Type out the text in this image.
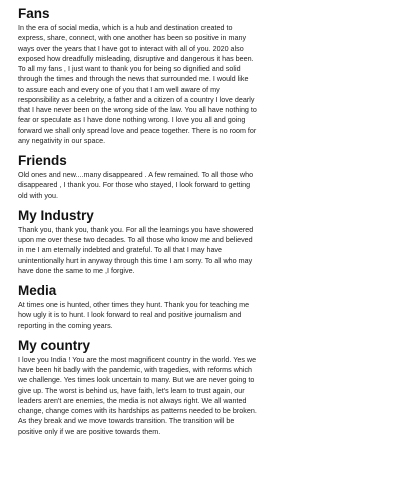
Fans
In the era of social media, which is a hub and destination created to
express, share, connect, with one another has been so positive in many
ways over the years that I have got to interact with all of you. 2020 also
exposed how dreadfully misleading, disruptive and dangerous it has been.
To all my fans , I just want to thank you for being so dignified and solid
through the times and through the news that surrounded me. I would like
to assure each and every one of you that I am well aware of my
responsibility as a celebrity, a father and a citizen of a country I love dearly
that I have never been on the wrong side of the law. You all have nothing to
fear or speculate as I have done nothing wrong. I love you all and going
forward we shall only spread love and peace together. There is no room for
any negativity in our space.
Friends
Old ones and new....many disappeared . A few remained. To all those who
disappeared , I thank you. For those who stayed, I look forward to getting
old with you.
My Industry
Thank you, thank you, thank you. For all the learnings you have showered
upon me over these two decades. To all those who know me and believed
in me I am eternally indebted and grateful. To all that I may have
unintentionally hurt in anyway through this time I am sorry. To all who may
have done the same to me ,I forgive.
Media
At times one is hunted, other times they hunt. Thank you for teaching me
how ugly it is to hunt. I look forward to real and positive journalism and
reporting in the coming years.
My country
I love you India ! You are the most magnificent country in the world. Yes we
have been hit badly with the pandemic, with tragedies, with reforms which
we challenge. Yes times look uncertain to many. But we are never going to
give up. The worst is behind us, have faith, let's learn to trust again, our
leaders aren't are enemies, the media is not always right. We all wanted
change, change comes with its hardships as patterns needed to be broken.
As they break and we move towards transition. The transition will be
positive only if we are positive towards them.
